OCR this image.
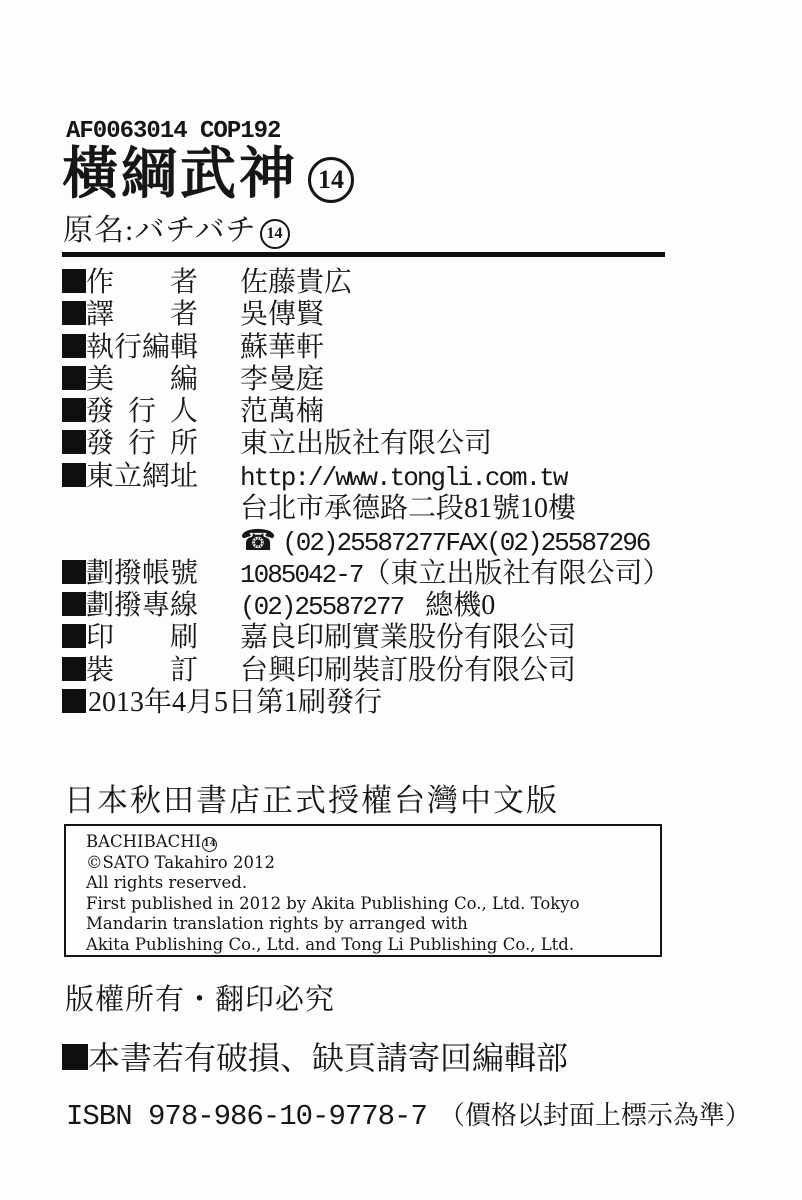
AF0063014 COP192
橫綱武神 14
原名:バチバチ 14
作者 佐藤貴広
譯者 吳傳賢
執行編輯 蘇華軒
美編 李曼庭
發行人 范萬楠
發行所 東立出版社有限公司
東立網址 http://www.tongli.com.tw
台北市承德路二段81號10樓
☎ (02)25587277FAX(02)25587296
劃撥帳號 1085042-7（東立出版社有限公司）
劃撥專線 (02)25587277 總機0
印刷 嘉良印刷實業股份有限公司
裝訂 台興印刷裝訂股份有限公司
2013年4月5日第1刷發行
日本秋田書店正式授權台灣中文版
BACHIBACHI 14
©SATO Takahiro 2012
All rights reserved.
First published in 2012 by Akita Publishing Co., Ltd. Tokyo
Mandarin translation rights by arranged with
Akita Publishing Co., Ltd. and Tong Li Publishing Co., Ltd.
版權所有・翻印必究
本書若有破損、缺頁請寄回編輯部
ISBN 978-986-10-9778-7 （價格以封面上標示為準）
